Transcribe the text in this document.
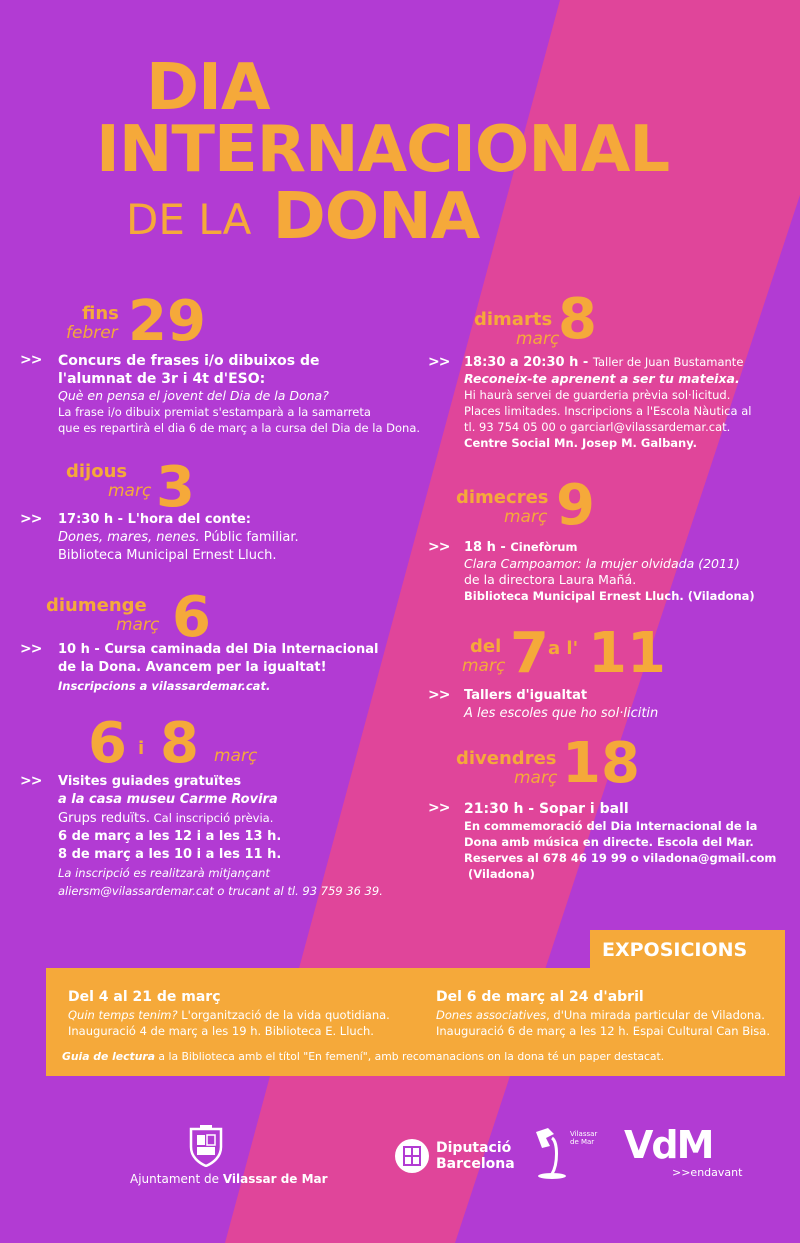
DIA
INTERNACIONAL
DE LA DONA
fins
febrer 29
>> Concurs de frases i/o dibuixos de
l'alumnat de 3r i 4t d'ESO:
Què en pensa el jovent del Dia de la Dona?
La frase i/o dibuix premiat s'estamparà a la samarreta
que es repartirà el dia 6 de març a la cursa del Dia de la Dona.
dijous
març 3
>> 17:30 h - L'hora del conte:
Dones, mares, nenes. Públic familiar.
Biblioteca Municipal Ernest Lluch.
diumenge
març 6
>> 10 h - Cursa caminada del Dia Internacional
de la Dona. Avancem per la igualtat!
Inscripcions a vilassardemar.cat.
6 i 8 març
>> Visites guiades gratuïtes
a la casa museu Carme Rovira
Grups reduïts. Cal inscripció prèvia.
6 de març a les 12 i a les 13 h.
8 de març a les 10 i a les 11 h.
La inscripció es realitzarà mitjançant
aliersm@vilassardemar.cat o trucant al tl. 93 759 36 39.
dimarts
març
8
>> 18:30 a 20:30 h - Taller de Juan Bustamante
Reconeix-te aprenent a ser tu mateixa.
Hi haurà servei de guarderia prèvia sol·licitud.
Places limitades. Inscripcions a l'Escola Nàutica al
tl. 93 754 05 00 o garciarl@vilassardemar.cat.
Centre Social Mn. Josep M. Galbany.
dimecres
març 9
>> 18 h - Cinefòrum
Clara Campoamor: la mujer olvidada (2011)
de la directora Laura Mañá.
Biblioteca Municipal Ernest Lluch. (Viladona)
del
març 7 a l' 11
>> Tallers d'igualtat
A les escoles que ho sol·licitin
divendres
març 18
>> 21:30 h - Sopar i ball
En commemoració del Dia Internacional de la
Dona amb música en directe. Escola del Mar.
Reserves al 678 46 19 99 o viladona@gmail.com
(Viladona)
EXPOSICIONS
Del 4 al 21 de març
Quin temps tenim? L'organització de la vida quotidiana.
Inauguració 4 de març a les 19 h. Biblioteca E. Lluch.
Del 6 de març al 24 d'abril
Dones associatives, d'Una mirada particular de Viladona.
Inauguració 6 de març a les 12 h. Espai Cultural Can Bisa.
Guia de lectura a la Biblioteca amb el títol "En femení", amb recomanacions on la dona té un paper destacat.
Ajuntament de Vilassar de Mar
Diputació
Barcelona
Vilassar
de Mar VdM
>>endavant
